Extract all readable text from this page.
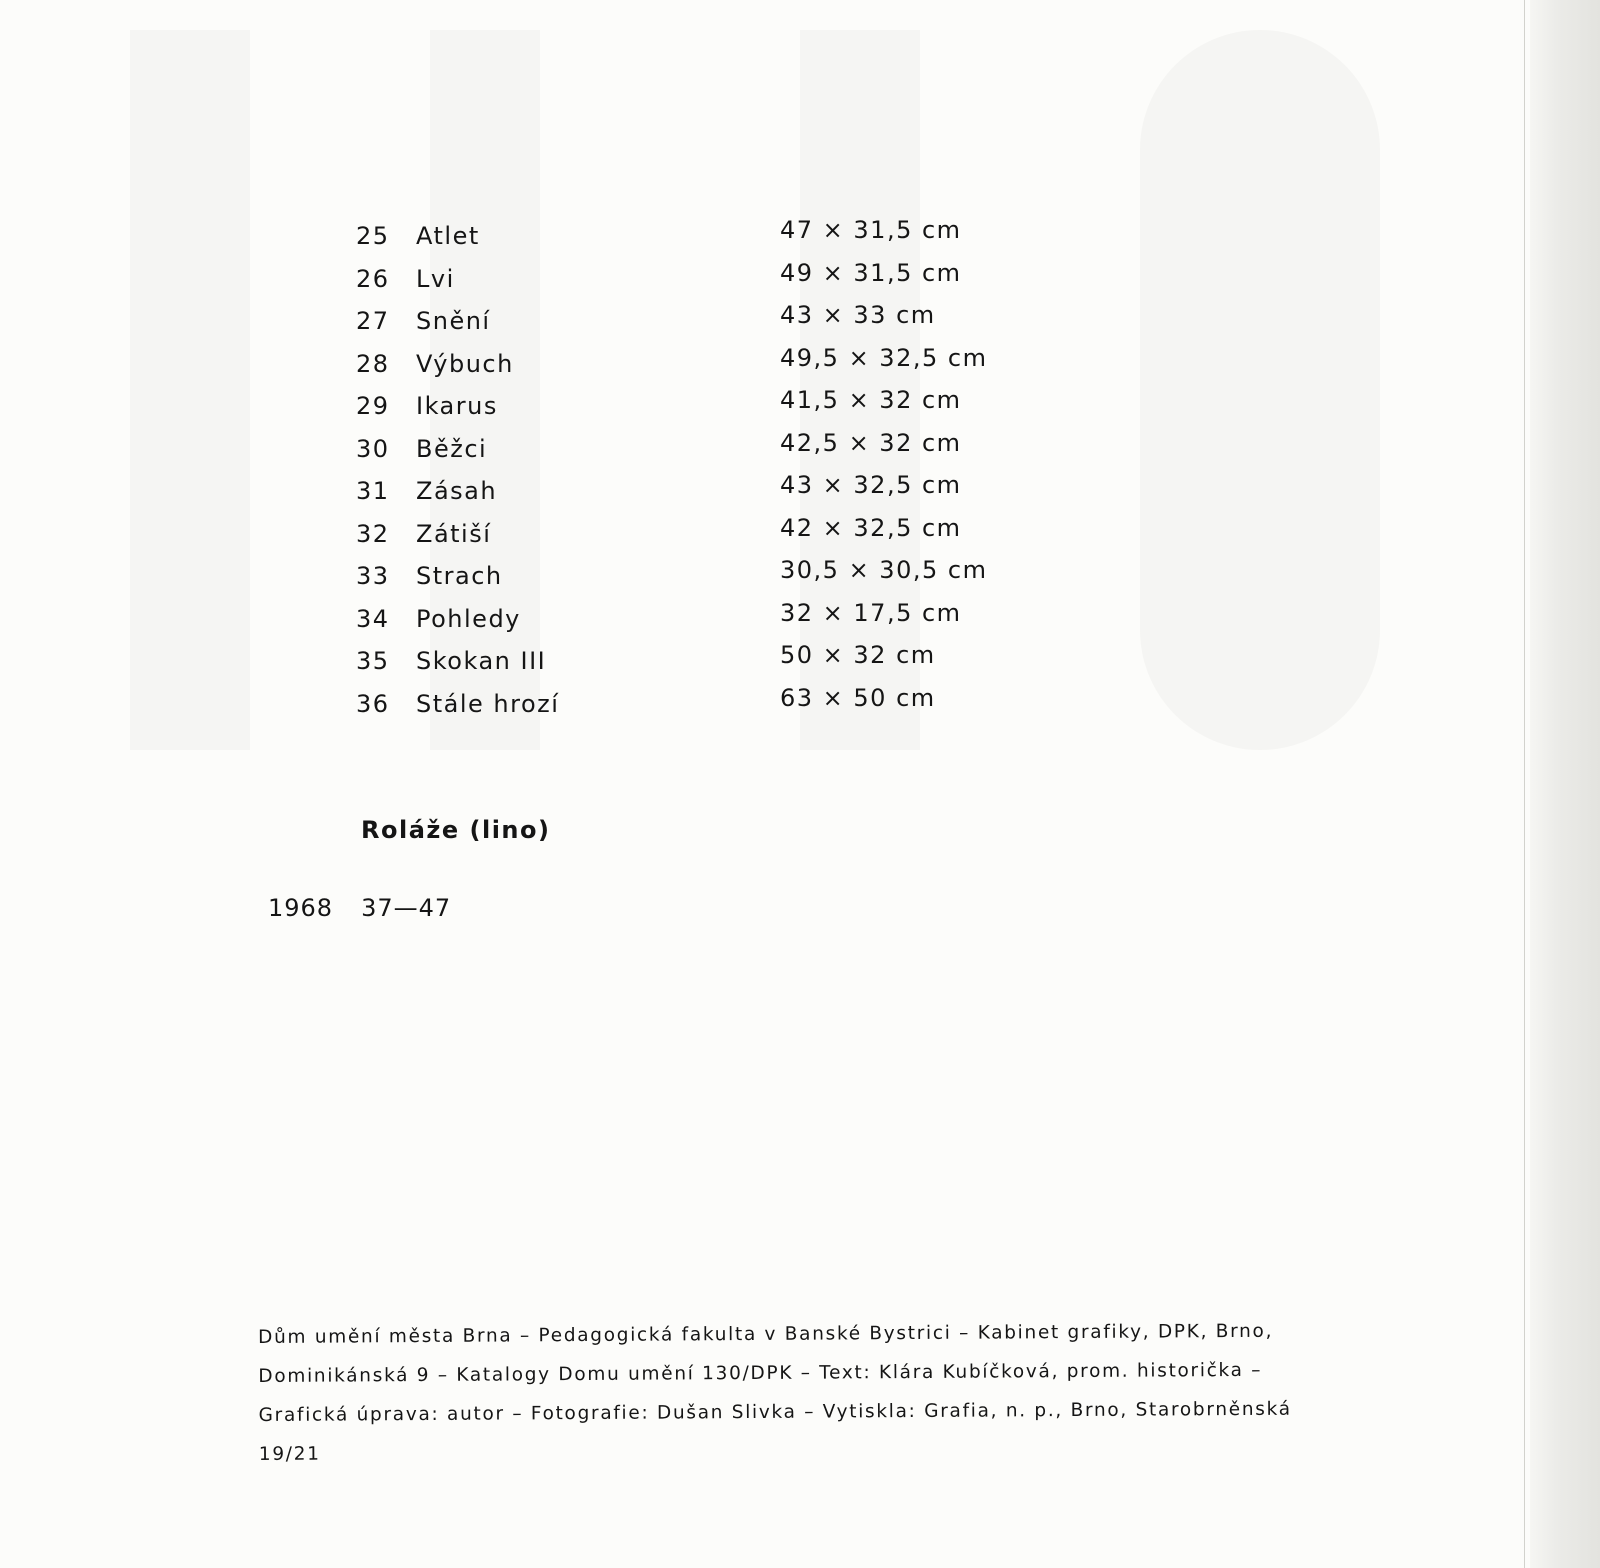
25 Atlet	47 × 31,5 cm
26 Lvi	49 × 31,5 cm
27 Snění	43 × 33 cm
28 Výbuch	49,5 × 32,5 cm
29 Ikarus	41,5 × 32 cm
30 Běžci	42,5 × 32 cm
31 Zásah	43 × 32,5 cm
32 Zátiší	42 × 32,5 cm
33 Strach	30,5 × 30,5 cm
34 Pohledy	32 × 17,5 cm
35 Skokan III	50 × 32 cm
36 Stále hrozí	63 × 50 cm
Roláže (lino)
1968 37—47

Dům umění města Brna – Pedagogická fakulta v Banské Bystrici – Kabinet grafiky, DPK, Brno,

Dominikánská 9 – Katalogy Domu umění 130/DPK – Text: Klára Kubíčková, prom. historička –

Grafická úprava: autor – Fotografie: Dušan Slivka – Vytiskla: Grafia, n. p., Brno, Starobrněnská

19/21
